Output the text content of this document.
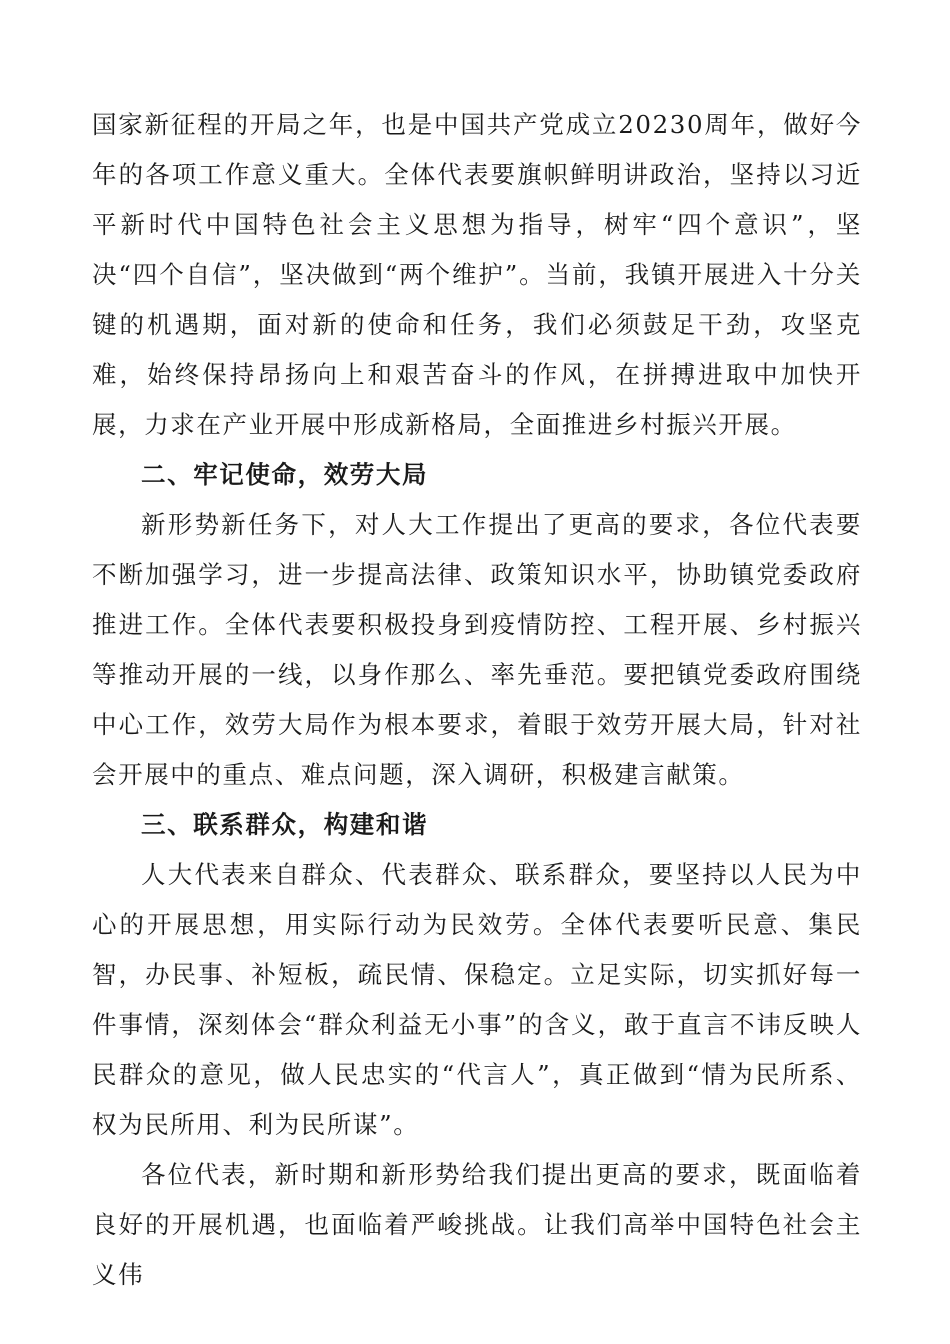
国家新征程的开局之年，也是中国共产党成立20230周年，做好今年的各项工作意义重大。全体代表要旗帜鲜明讲政治，坚持以习近平新时代中国特色社会主义思想为指导，树牢“四个意识”，坚决“四个自信”，坚决做到“两个维护”。当前，我镇开展进入十分关键的机遇期，面对新的使命和任务，我们必须鼓足干劲，攻坚克难，始终保持昂扬向上和艰苦奋斗的作风，在拼搏进取中加快开展，力求在产业开展中形成新格局，全面推进乡村振兴开展。

二、牢记使命，效劳大局

新形势新任务下，对人大工作提出了更高的要求，各位代表要不断加强学习，进一步提高法律、政策知识水平，协助镇党委政府推进工作。全体代表要积极投身到疫情防控、工程开展、乡村振兴等推动开展的一线，以身作那么、率先垂范。要把镇党委政府围绕中心工作，效劳大局作为根本要求，着眼于效劳开展大局，针对社会开展中的重点、难点问题，深入调研，积极建言献策。

三、联系群众，构建和谐

人大代表来自群众、代表群众、联系群众，要坚持以人民为中心的开展思想，用实际行动为民效劳。全体代表要听民意、集民智，办民事、补短板，疏民情、保稳定。立足实际，切实抓好每一件事情，深刻体会“群众利益无小事”的含义，敢于直言不讳反映人民群众的意见，做人民忠实的“代言人”，真正做到“情为民所系、权为民所用、利为民所谋”。

各位代表，新时期和新形势给我们提出更高的要求，既面临着良好的开展机遇，也面临着严峻挑战。让我们高举中国特色社会主义伟
